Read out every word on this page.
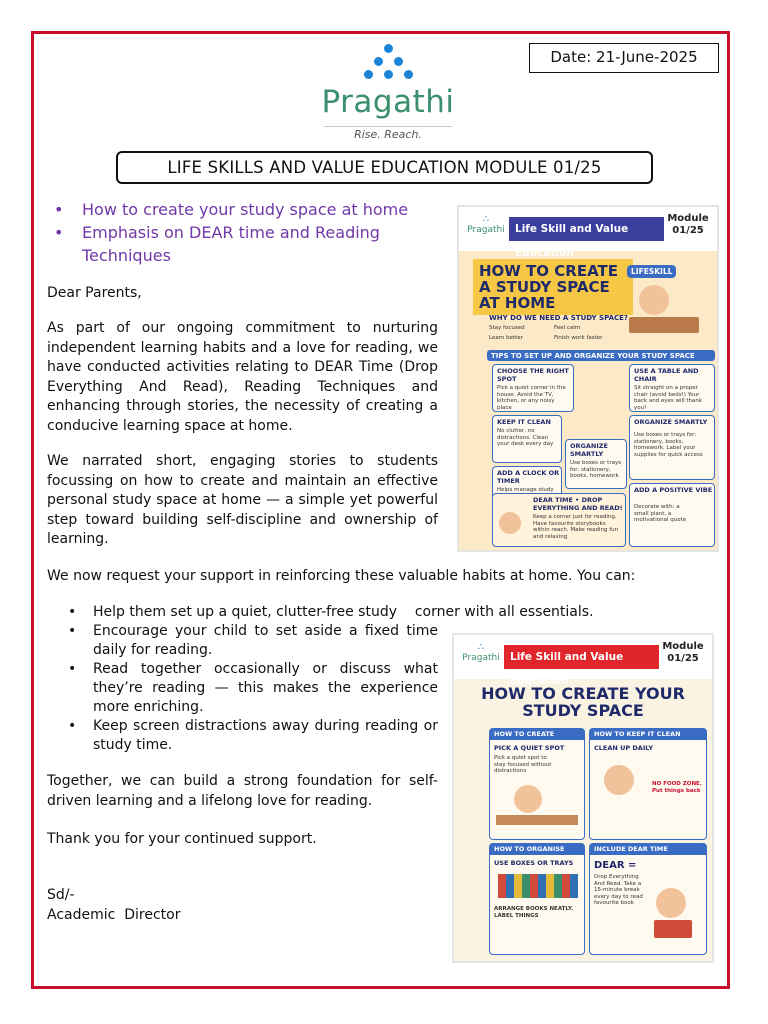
Date: 21-June-2025
Pragathi
Rise. Reach.
LIFE SKILLS AND VALUE EDUCATION MODULE 01/25
• How to create your study space at home
• Emphasis on DEAR time and Reading Techniques

Dear Parents,

As part of our ongoing commitment to nurturing independent learning habits and a love for reading, we have conducted activities relating to DEAR Time (Drop Everything And Read), Reading Techniques and enhancing through stories, the necessity of creating a conducive learning space at home.

We narrated short, engaging stories to students focussing on how to create and maintain an effective personal study space at home — a simple yet powerful step toward building self-discipline and ownership of learning.

We now request your support in reinforcing these valuable habits at home. You can:

• Help them set up a quiet, clutter-free study    corner with all essentials.
• Encourage your child to set aside a fixed time daily for reading.
• Read together occasionally or discuss what they’re reading — this makes the experience more enriching.
• Keep screen distractions away during reading or study time.

Together, we can build a strong foundation for self-driven learning and a lifelong love for reading.

Thank you for your continued support.

Sd/-

Academic  Director

∴
Pragathi Life Skill and Value Education
Module 01/25
HOW TO CREATE A STUDY SPACE AT HOME
LIFESKILL
WHY DO WE NEED A STUDY SPACE?
Stay focused	Feel calm
Learn better	Finish work faster
TIPS TO SET UP AND ORGANIZE YOUR STUDY SPACE
CHOOSE THE RIGHT SPOT
Pick a quiet corner in the house. Avoid the TV, kitchen, or any noisy place
USE A TABLE AND CHAIR
Sit straight on a proper chair (avoid beds!) Your back and eyes will thank you!
KEEP IT CLEAN
No clutter, no distractions. Clean your desk every day	ORGANIZE SMARTLY
Use boxes or trays for: stationery, books, homework
ORGANIZE SMARTLY
Use boxes or trays for: stationery, books, homework. Label your supplies for quick access
ADD A CLOCK OR TIMER
Helps manage study
DEAR TIME • DROP EVERYTHING AND READ!
Keep a corner just for reading. Have favourite storybooks within reach. Make reading fun and relaxing
ADD A POSITIVE VIBE
Decorate with: a small plant, a motivational quote
∴
Pragathi Life Skill and Value Education
Module 01/25
HOW TO CREATE YOUR STUDY SPACE
HOW TO CREATE
PICK A QUIET SPOT
Pick a quiet spot to stay focused without distractions
HOW TO KEEP IT CLEAN
CLEAN UP DAILY
NO FOOD ZONE. Put things back
HOW TO ORGANISE
USE BOXES OR TRAYS
ARRANGE BOOKS NEATLY. LABEL THINGS
INCLUDE DEAR TIME
DEAR =
Drop Everything And Read. Take a 15-minute break every day to read favourite book
